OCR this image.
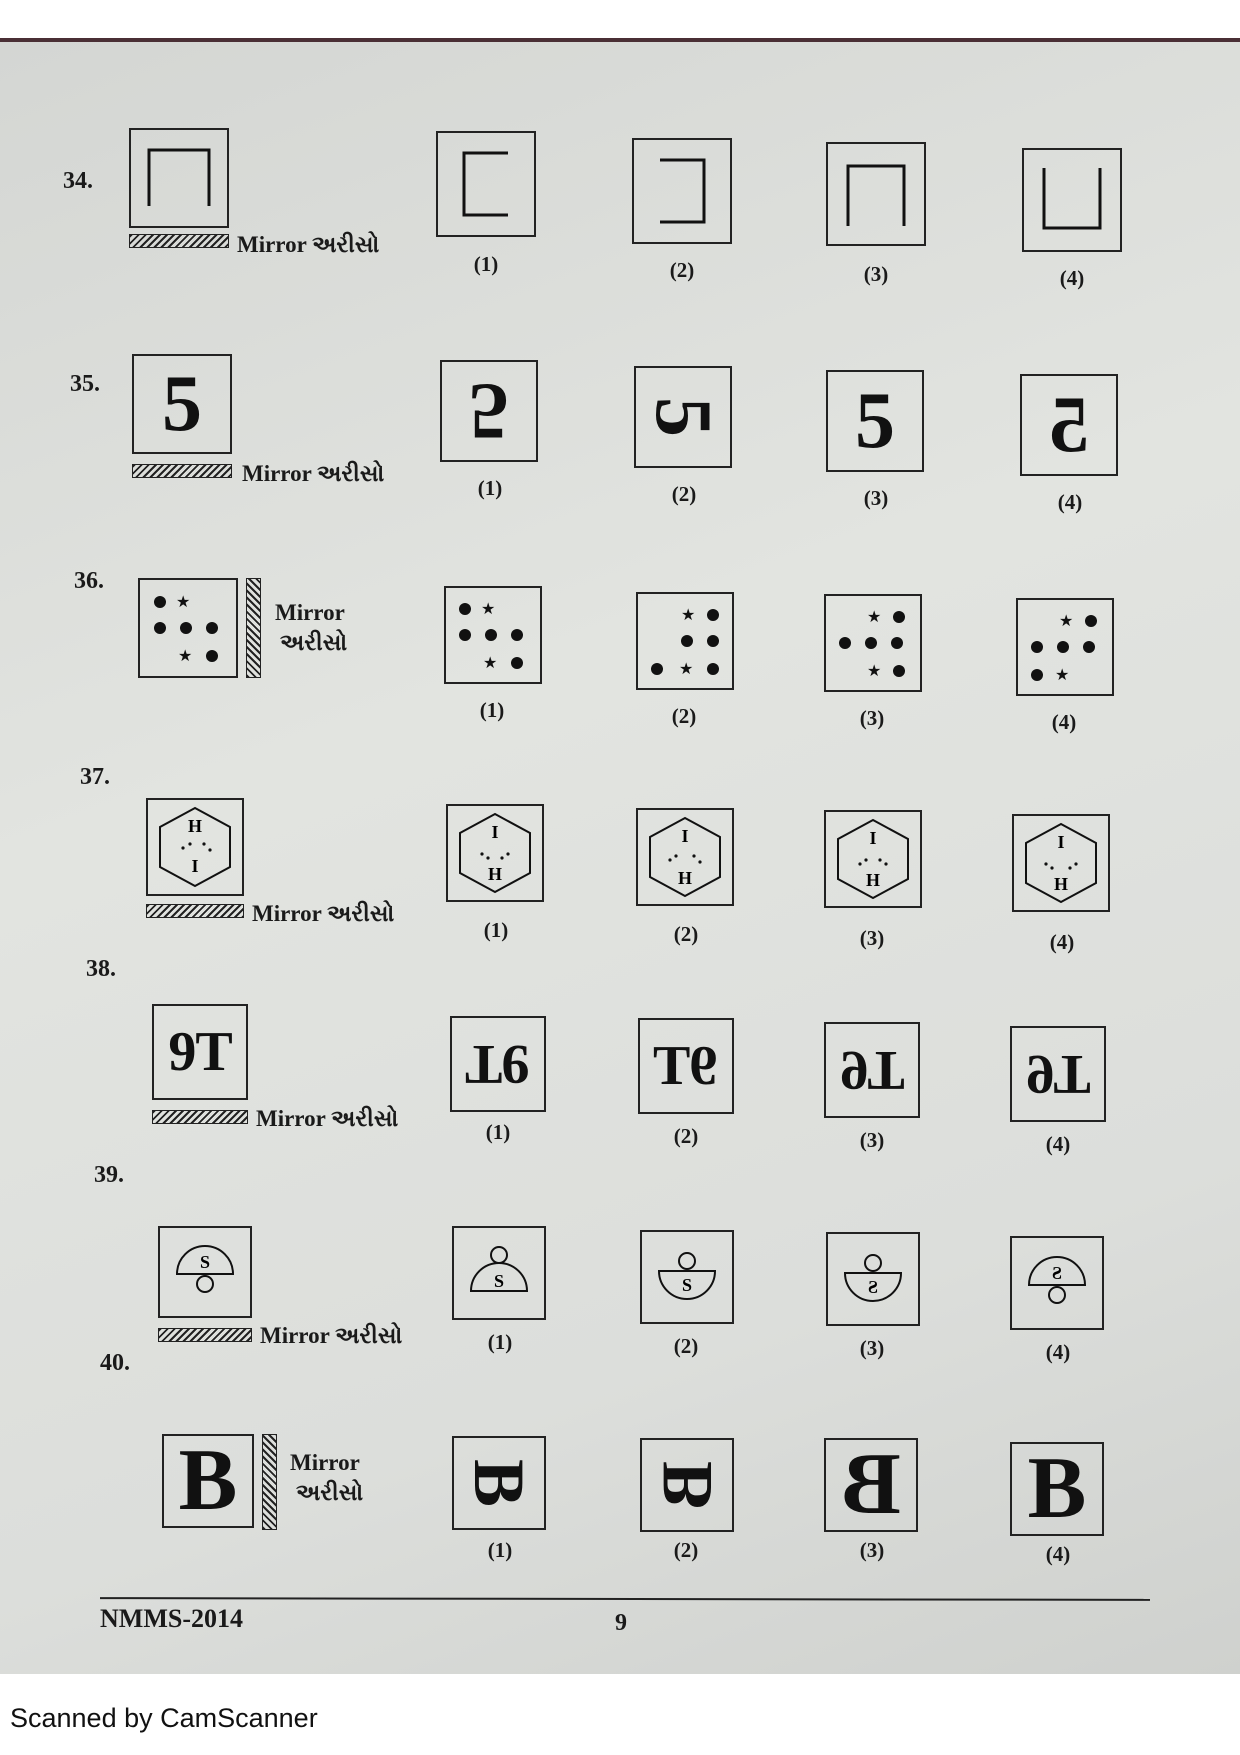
34.
Mirror અરીસો
(1)	(2)	(3)	(4)
35. 5
Mirror અરીસો
5 5 5 5
(1)	(2)	(3)	(4)
36.
★
★
Mirror
અરીસો
★
★
★
★
★
★
★
★
(1)	(2)	(3)	(4)
37.
H
I
Mirror અરીસો
I
H
I
H
I
H
I
H
(1)	(2)	(3)	(4)
38.
9T
Mirror અરીસો
9T 9T 9T 9T
(1)	(2)	(3)	(4)
39.
S
Mirror અરીસો
S	S	S
S
(1)	(2)	(3)	(4)
40.
B Mirror
અરીસો B B B B
(1)	(2)	(3)	(4)
NMMS-2014	9
Scanned by CamScanner
